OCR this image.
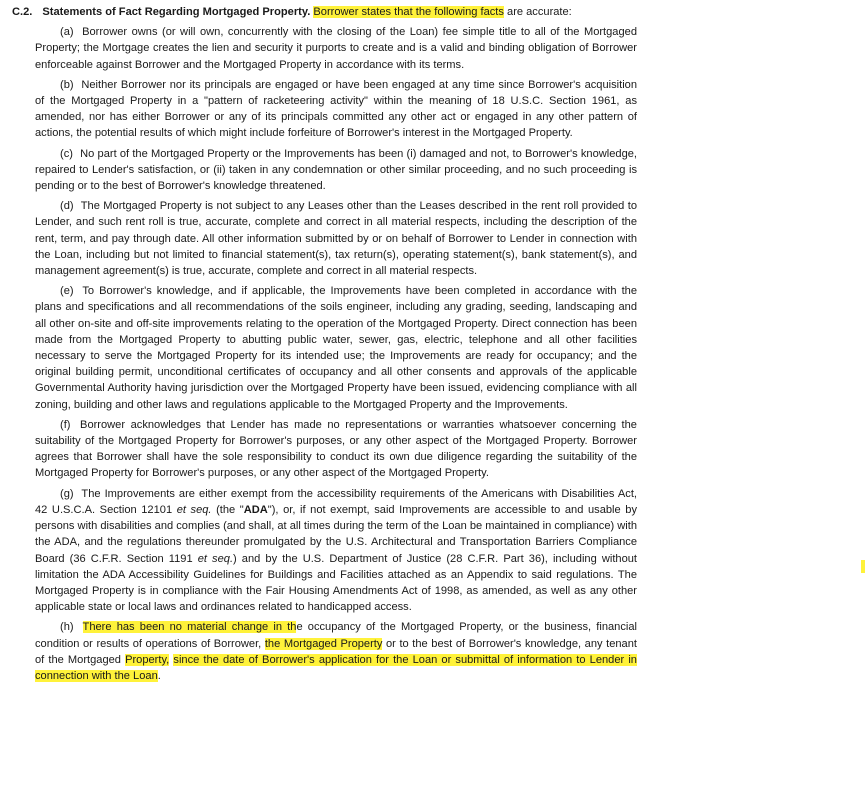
C.2. Statements of Fact Regarding Mortgaged Property. Borrower states that the following facts are accurate:

(a) Borrower owns (or will own, concurrently with the closing of the Loan) fee simple title to all of the Mortgaged Property; the Mortgage creates the lien and security it purports to create and is a valid and binding obligation of Borrower enforceable against Borrower and the Mortgaged Property in accordance with its terms.

(b) Neither Borrower nor its principals are engaged or have been engaged at any time since Borrower's acquisition of the Mortgaged Property in a "pattern of racketeering activity" within the meaning of 18 U.S.C. Section 1961, as amended, nor has either Borrower or any of its principals committed any other act or engaged in any other pattern of actions, the potential results of which might include forfeiture of Borrower's interest in the Mortgaged Property.

(c) No part of the Mortgaged Property or the Improvements has been (i) damaged and not, to Borrower's knowledge, repaired to Lender's satisfaction, or (ii) taken in any condemnation or other similar proceeding, and no such proceeding is pending or to the best of Borrower's knowledge threatened.

(d) The Mortgaged Property is not subject to any Leases other than the Leases described in the rent roll provided to Lender, and such rent roll is true, accurate, complete and correct in all material respects, including the description of the rent, term, and pay through date. All other information submitted by or on behalf of Borrower to Lender in connection with the Loan, including but not limited to financial statement(s), tax return(s), operating statement(s), bank statement(s), and management agreement(s) is true, accurate, complete and correct in all material respects.

(e) To Borrower's knowledge, and if applicable, the Improvements have been completed in accordance with the plans and specifications and all recommendations of the soils engineer, including any grading, seeding, landscaping and all other on-site and off-site improvements relating to the operation of the Mortgaged Property. Direct connection has been made from the Mortgaged Property to abutting public water, sewer, gas, electric, telephone and all other facilities necessary to serve the Mortgaged Property for its intended use; the Improvements are ready for occupancy; and the original building permit, unconditional certificates of occupancy and all other consents and approvals of the applicable Governmental Authority having jurisdiction over the Mortgaged Property have been issued, evidencing compliance with all zoning, building and other laws and regulations applicable to the Mortgaged Property and the Improvements.

(f) Borrower acknowledges that Lender has made no representations or warranties whatsoever concerning the suitability of the Mortgaged Property for Borrower's purposes, or any other aspect of the Mortgaged Property. Borrower agrees that Borrower shall have the sole responsibility to conduct its own due diligence regarding the suitability of the Mortgaged Property for Borrower's purposes, or any other aspect of the Mortgaged Property.

(g) The Improvements are either exempt from the accessibility requirements of the Americans with Disabilities Act, 42 U.S.C.A. Section 12101 et seq. (the "ADA"), or, if not exempt, said Improvements are accessible to and usable by persons with disabilities and complies (and shall, at all times during the term of the Loan be maintained in compliance) with the ADA, and the regulations thereunder promulgated by the U.S. Architectural and Transportation Barriers Compliance Board (36 C.F.R. Section 1191 et seq.) and by the U.S. Department of Justice (28 C.F.R. Part 36), including without limitation the ADA Accessibility Guidelines for Buildings and Facilities attached as an Appendix to said regulations. The Mortgaged Property is in compliance with the Fair Housing Amendments Act of 1998, as amended, as well as any other applicable state or local laws and ordinances related to handicapped access.

(h) There has been no material change in the occupancy of the Mortgaged Property, or the business, financial condition or results of operations of Borrower, the Mortgaged Property or to the best of Borrower's knowledge, any tenant of the Mortgaged Property, since the date of Borrower's application for the Loan or submittal of information to Lender in connection with the Loan.
